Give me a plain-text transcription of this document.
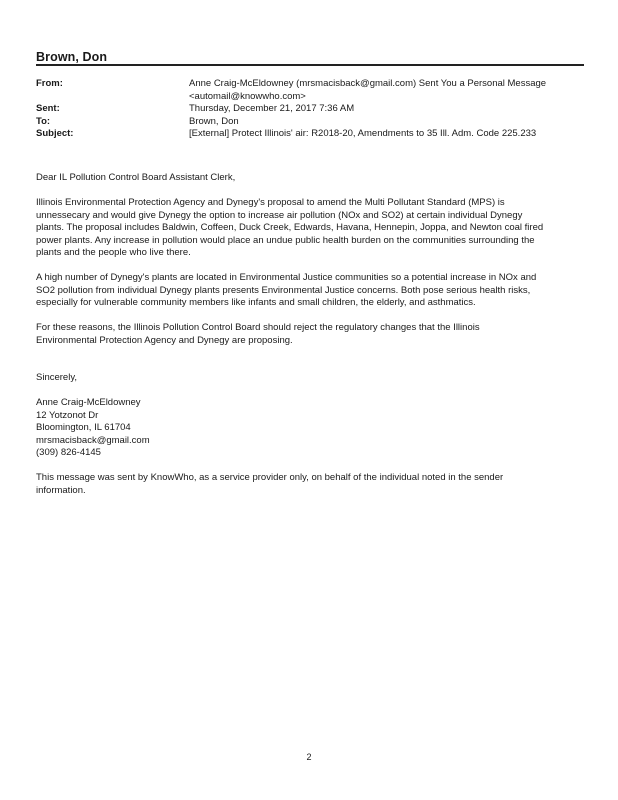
Brown, Don
From:	Anne Craig-McEldowney (mrsmacisback@gmail.com) Sent You a Personal Message
<automail@knowwho.com>
Sent:	Thursday, December 21, 2017 7:36 AM
To:	Brown, Don
Subject:	[External] Protect Illinois' air: R2018-20, Amendments to 35 Ill. Adm. Code 225.233

Dear IL Pollution Control Board Assistant Clerk,

Illinois Environmental Protection Agency and Dynegy's proposal to amend the Multi Pollutant Standard (MPS) is
unnessecary and would give Dynegy the option to increase air pollution (NOx and SO2) at certain individual Dynegy
plants. The proposal includes Baldwin, Coffeen, Duck Creek, Edwards, Havana, Hennepin, Joppa, and Newton coal fired
power plants. Any increase in pollution would place an undue public health burden on the communities surrounding the
plants and the people who live there.

A high number of Dynegy's plants are located in Environmental Justice communities so a potential increase in NOx and
SO2 pollution from individual Dynegy plants presents Environmental Justice concerns. Both pose serious health risks,
especially for vulnerable community members like infants and small children, the elderly, and asthmatics.

For these reasons, the Illinois Pollution Control Board should reject the regulatory changes that the Illinois
Environmental Protection Agency and Dynegy are proposing.

Sincerely,

Anne Craig-McEldowney
12 Yotzonot Dr
Bloomington, IL 61704
mrsmacisback@gmail.com
(309) 826-4145

This message was sent by KnowWho, as a service provider only, on behalf of the individual noted in the sender
information.

2
